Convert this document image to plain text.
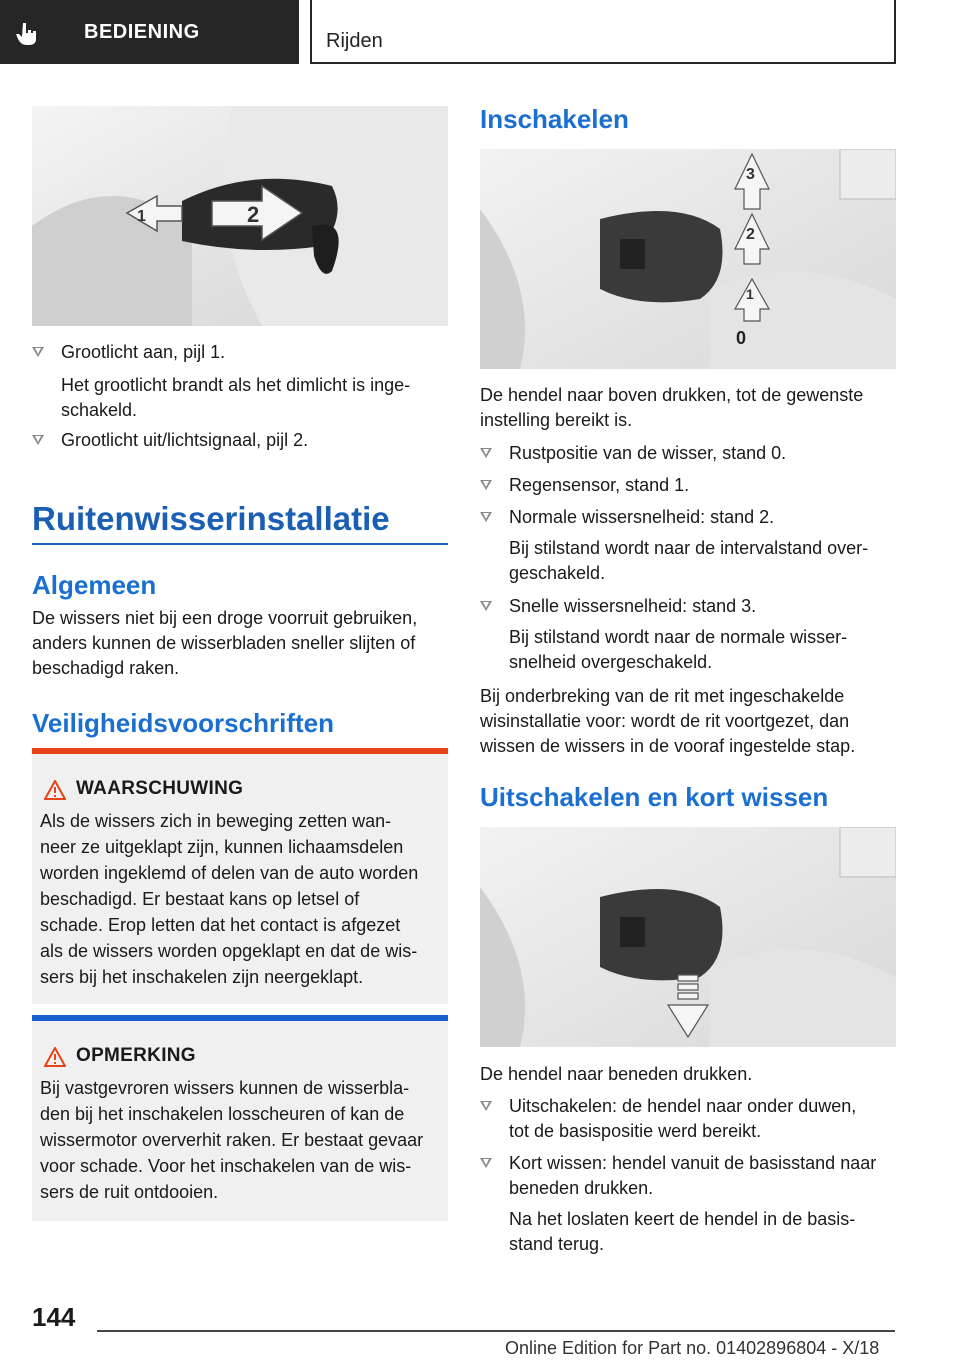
BEDIENING	Rijden
1	2
Grootlicht aan, pijl 1.
Het grootlicht brandt als het dimlicht is inge-
schakeld.
Grootlicht uit/lichtsignaal, pijl 2.
Ruitenwisserinstallatie
Algemeen
De wissers niet bij een droge voorruit gebruiken,
anders kunnen de wisserbladen sneller slijten of
beschadigd raken.
Veiligheidsvoorschriften
WAARSCHUWING
Als de wissers zich in beweging zetten wan-
neer ze uitgeklapt zijn, kunnen lichaamsdelen
worden ingeklemd of delen van de auto worden
beschadigd. Er bestaat kans op letsel of
schade. Erop letten dat het contact is afgezet
als de wissers worden opgeklapt en dat de wis-
sers bij het inschakelen zijn neergeklapt.
OPMERKING
Bij vastgevroren wissers kunnen de wisserbla-
den bij het inschakelen losscheuren of kan de
wissermotor oververhit raken. Er bestaat gevaar
voor schade. Voor het inschakelen van de wis-
sers de ruit ontdooien.
Inschakelen
3
2
1
0
De hendel naar boven drukken, tot de gewenste
instelling bereikt is.
Rustpositie van de wisser, stand 0.
Regensensor, stand 1.
Normale wissersnelheid: stand 2.
Bij stilstand wordt naar de intervalstand over-
geschakeld.
Snelle wissersnelheid: stand 3.
Bij stilstand wordt naar de normale wisser-
snelheid overgeschakeld.
Bij onderbreking van de rit met ingeschakelde
wisinstallatie voor: wordt de rit voortgezet, dan
wissen de wissers in de vooraf ingestelde stap.
Uitschakelen en kort wissen
De hendel naar beneden drukken.
Uitschakelen: de hendel naar onder duwen,
tot de basispositie werd bereikt.
Kort wissen: hendel vanuit de basisstand naar
beneden drukken.
Na het loslaten keert de hendel in de basis-
stand terug.
144
Online Edition for Part no. 01402896804 - X/18
